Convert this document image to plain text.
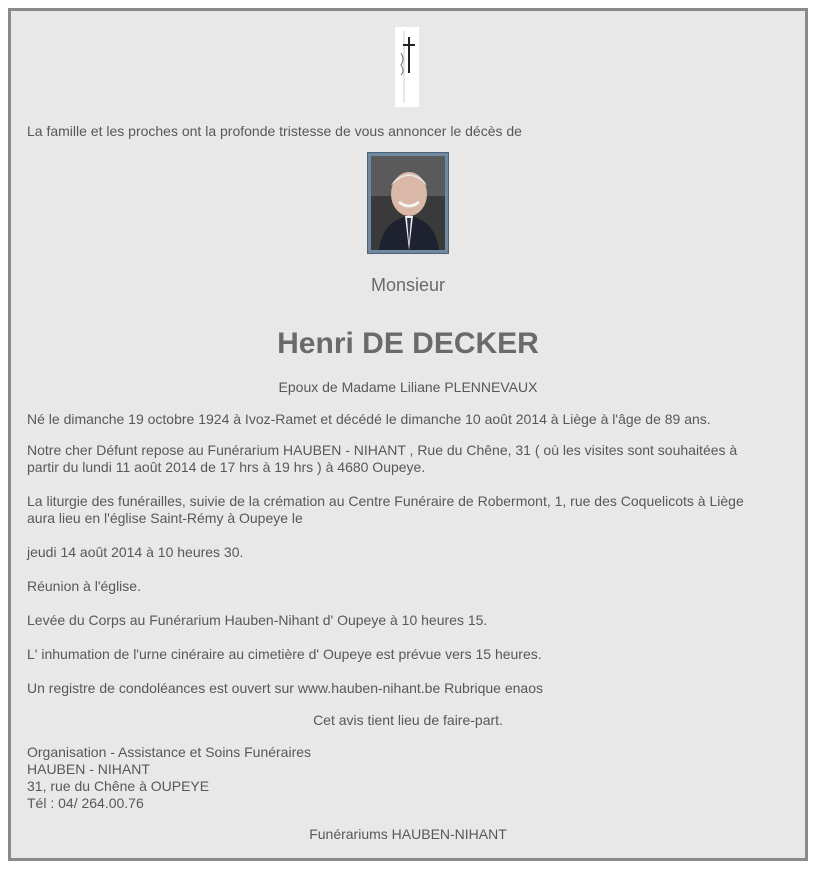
La famille et les proches ont la profonde tristesse de vous annoncer le décès de
Monsieur
Henri DE DECKER
Epoux de Madame Liliane PLENNEVAUX
Né le dimanche 19 octobre 1924 à Ivoz-Ramet et décédé le dimanche 10 août 2014 à Liège à l'âge de 89 ans.
Notre cher Défunt repose au Funérarium HAUBEN - NIHANT , Rue du Chêne, 31 ( où les visites sont souhaitées à
partir du lundi 11 août 2014 de 17 hrs à 19 hrs ) à 4680 Oupeye.
La liturgie des funérailles, suivie de la crémation au Centre Funéraire de Robermont, 1, rue des Coquelicots à Liège
aura lieu en l'église Saint-Rémy à Oupeye le
jeudi 14 août 2014 à 10 heures 30.
Réunion à l'église.
Levée du Corps au Funérarium Hauben-Nihant d' Oupeye à 10 heures 15.
L' inhumation de l'urne cinéraire au cimetière d' Oupeye est prévue vers 15 heures.
Un registre de condoléances est ouvert sur www.hauben-nihant.be Rubrique enaos
Cet avis tient lieu de faire-part.
Organisation - Assistance et Soins Funéraires
HAUBEN - NIHANT
31, rue du Chêne à OUPEYE
Tél : 04/ 264.00.76
Funérariums HAUBEN-NIHANT
